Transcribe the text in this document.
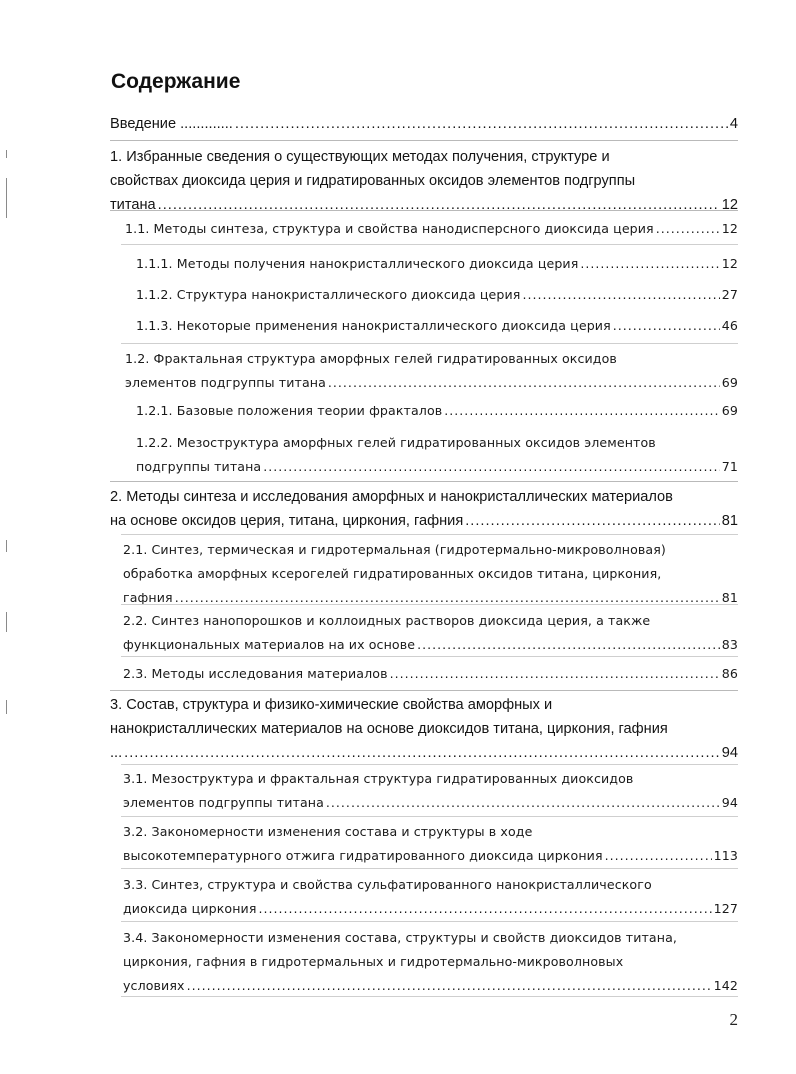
Содержание
Введение ............. .....	4
1. Избранные сведения о существующих методах получения, структуре и
свойствах диоксида церия и гидратированных оксидов элементов подгруппы
титана .....	12
1.1. Методы синтеза, структура и свойства нанодисперсного диоксида церия .....	12
1.1.1. Методы получения нанокристаллического диоксида церия .....	12
1.1.2. Структура нанокристаллического диоксида церия .....	27
1.1.3. Некоторые применения нанокристаллического диоксида церия .....	46
1.2. Фрактальная структура аморфных гелей гидратированных оксидов
элементов подгруппы титана .....	69
1.2.1. Базовые положения теории фракталов .....	69
1.2.2. Мезоструктура аморфных гелей гидратированных оксидов элементов
подгруппы титана .....	71
2. Методы синтеза и исследования аморфных и нанокристаллических материалов
на основе оксидов церия, титана, циркония, гафния .....	81
2.1. Синтез, термическая и гидротермальная (гидротермально-микроволновая)
обработка аморфных ксерогелей гидратированных оксидов титана, циркония,
гафния .....	81
2.2. Синтез нанопорошков и коллоидных растворов диоксида церия, а также
функциональных материалов на их основе .....	83
2.3. Методы исследования материалов .....	86
3. Состав, структура и физико-химические свойства аморфных и
нанокристаллических материалов на основе диоксидов титана, циркония, гафния
... .....	94
3.1. Мезоструктура и фрактальная структура гидратированных диоксидов
элементов подгруппы титана .....	94
3.2. Закономерности изменения состава и структуры в ходе
высокотемпературного отжига гидратированного диоксида циркония .....	113
3.3. Синтез, структура и свойства сульфатированного нанокристаллического
диоксида циркония .....	127
3.4. Закономерности изменения состава, структуры и свойств диоксидов титана,
циркония, гафния в гидротермальных и гидротермально-микроволновых
условиях .....	142
2
